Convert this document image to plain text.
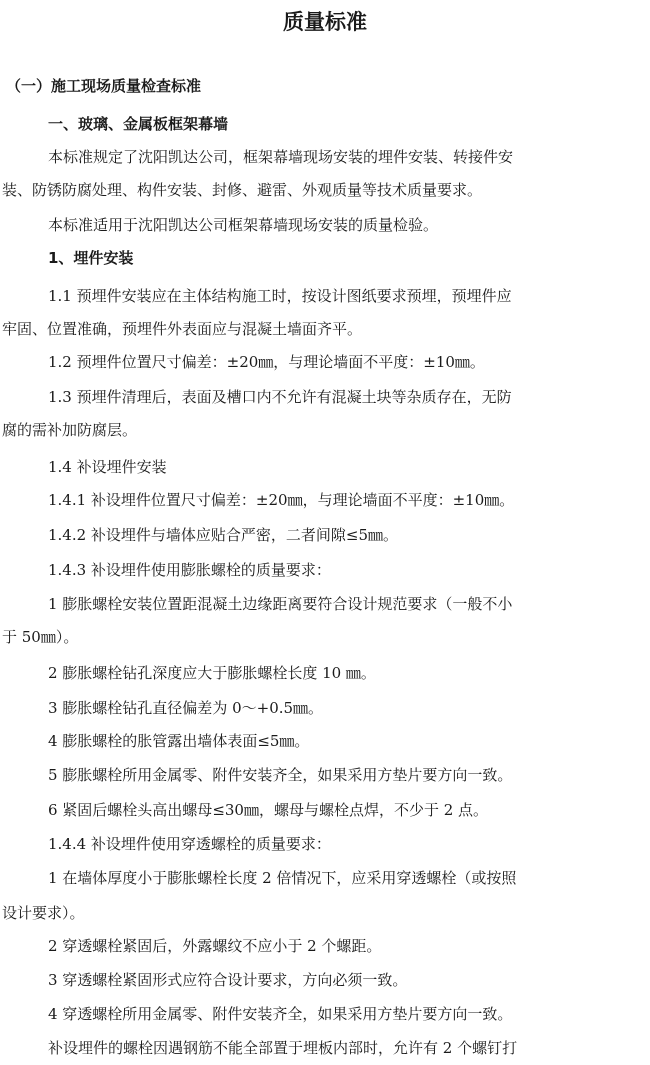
质量标准
（一）施工现场质量检查标准
一、玻璃、金属板框架幕墙
本标准规定了沈阳凯达公司，框架幕墙现场安装的埋件安装、转接件安
装、防锈防腐处理、构件安装、封修、避雷、外观质量等技术质量要求。
本标准适用于沈阳凯达公司框架幕墙现场安装的质量检验。
1、埋件安装
1.1 预埋件安装应在主体结构施工时，按设计图纸要求预埋，预埋件应
牢固、位置准确，预埋件外表面应与混凝土墙面齐平。
1.2 预埋件位置尺寸偏差：±20㎜，与理论墙面不平度：±10㎜。
1.3 预埋件清理后，表面及槽口内不允许有混凝土块等杂质存在，无防
腐的需补加防腐层。
1.4 补设埋件安装
1.4.1 补设埋件位置尺寸偏差：±20㎜，与理论墙面不平度：±10㎜。
1.4.2 补设埋件与墙体应贴合严密，二者间隙≤5㎜。
1.4.3 补设埋件使用膨胀螺栓的质量要求：
1 膨胀螺栓安装位置距混凝土边缘距离要符合设计规范要求（一般不小
于 50㎜）。
2 膨胀螺栓钻孔深度应大于膨胀螺栓长度 10 ㎜。
3 膨胀螺栓钻孔直径偏差为 0～+0.5㎜。
4 膨胀螺栓的胀管露出墙体表面≤5㎜。
5 膨胀螺栓所用金属零、附件安装齐全，如果采用方垫片要方向一致。
6 紧固后螺栓头高出螺母≤30㎜，螺母与螺栓点焊，不少于 2 点。
1.4.4 补设埋件使用穿透螺栓的质量要求：
1 在墙体厚度小于膨胀螺栓长度 2 倍情况下，应采用穿透螺栓（或按照
设计要求）。
2 穿透螺栓紧固后，外露螺纹不应小于 2 个螺距。
3 穿透螺栓紧固形式应符合设计要求，方向必须一致。
4 穿透螺栓所用金属零、附件安装齐全，如果采用方垫片要方向一致。
补设埋件的螺栓因遇钢筋不能全部置于埋板内部时，允许有 2 个螺钉打
